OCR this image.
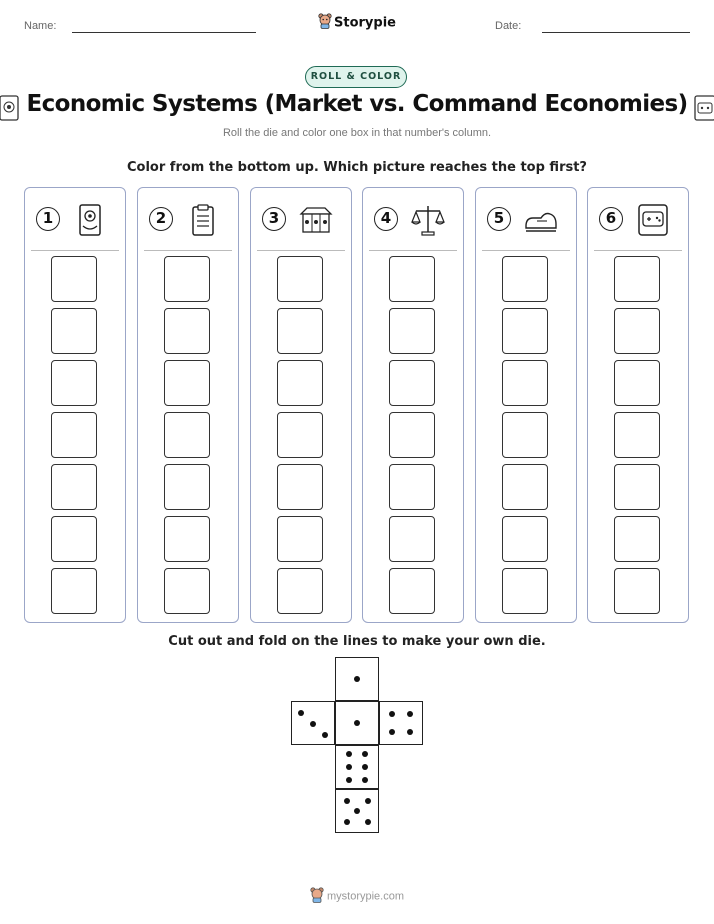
Name:	Storypie	Date:
ROLL & COLOR
Economic Systems (Market vs. Command Economies)
Roll the die and color one box in that number's column.
Color from the bottom up. Which picture reaches the top first?
1	2	3	4	5	6
Cut out and fold on the lines to make your own die.
mystorypie.com
